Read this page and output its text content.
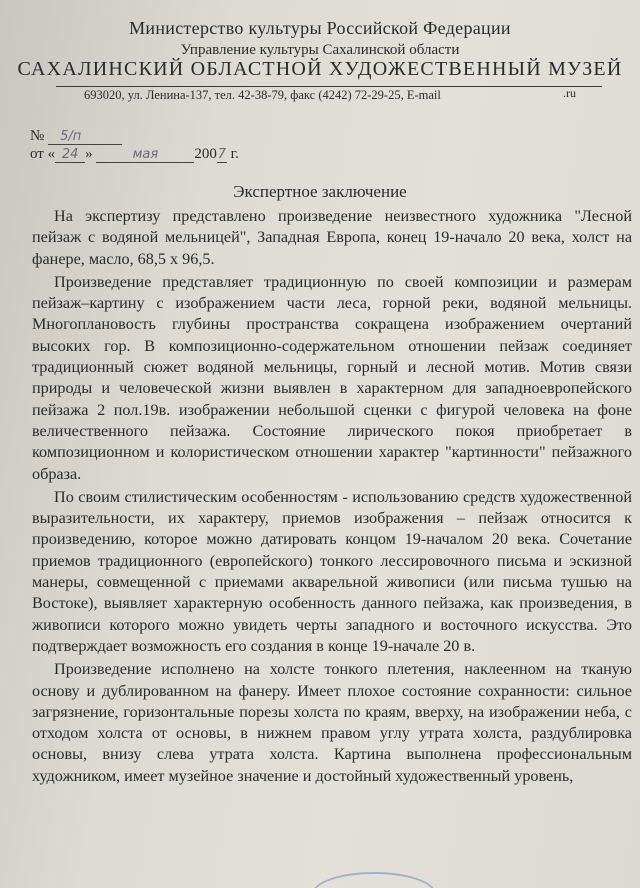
Министерство культуры Российской Федерации
Управление культуры Сахалинской области
САХАЛИНСКИЙ ОБЛАСТНОЙ ХУДОЖЕСТВЕННЫЙ МУЗЕЙ
693020, ул. Ленина-137, тел. 42-38-79, факс (4242) 72-29-25, E-mail	.ru
№ 5/п
от « 24 »	мая 2007 г.
Экспертное заключение

На экспертизу представлено произведение неизвестного художника "Лесной пейзаж с водяной мельницей", Западная Европа, конец 19-начало 20 века, холст на фанере, масло, 68,5 х 96,5.

Произведение представляет традиционную по своей композиции и размерам пейзаж–картину с изображением части леса, горной реки, водяной мельницы. Многоплановость глубины пространства сокращена изображением очертаний высоких гор. В композиционно-содержательном отношении пейзаж соединяет традиционный сюжет водяной мельницы, горный и лесной мотив. Мотив связи природы и человеческой жизни выявлен в характерном для западноевропейского пейзажа 2 пол.19в. изображении небольшой сценки с фигурой человека на фоне величественного пейзажа. Состояние лирического покоя приобретает в композиционном и колористическом отношении характер "картинности" пейзажного образа.

По своим стилистическим особенностям - использованию средств художественной выразительности, их характеру, приемов изображения – пейзаж относится к произведению, которое можно датировать концом 19-началом 20 века. Сочетание приемов традиционного (европейского) тонкого лессировочного письма и эскизной манеры, совмещенной с приемами акварельной живописи (или письма тушью на Востоке), выявляет характерную особенность данного пейзажа, как произведения, в живописи которого можно увидеть черты западного и восточного искусства. Это подтверждает возможность его создания в конце 19-начале 20 в.

Произведение исполнено на холсте тонкого плетения, наклеенном на тканую основу и дублированном на фанеру. Имеет плохое состояние сохранности: сильное загрязнение, горизонтальные порезы холста по краям, вверху, на изображении неба, с отходом холста от основы, в нижнем правом углу утрата холста, раздублировка основы, внизу слева утрата холста. Картина выполнена профессиональным художником, имеет музейное значение и достойный художественный уровень,
